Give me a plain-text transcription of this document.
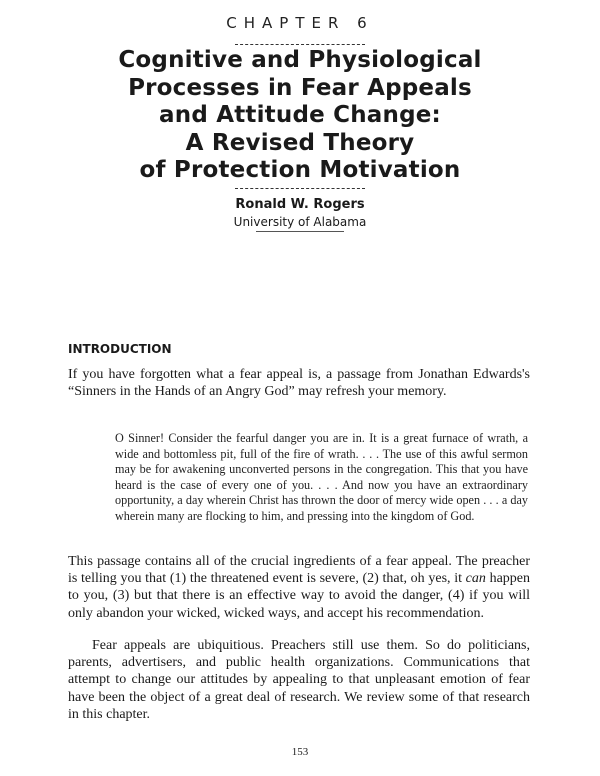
CHAPTER 6
Cognitive and Physiological
Processes in Fear Appeals
and Attitude Change:
A Revised Theory
of Protection Motivation
Ronald W. Rogers
University of Alabama
INTRODUCTION

If you have forgotten what a fear appeal is, a passage from Jonathan Edwards's “Sinners in the Hands of an Angry God” may refresh your memory.

O Sinner! Consider the fearful danger you are in. It is a great furnace of wrath, a wide and bottomless pit, full of the fire of wrath. . . . The use of this awful sermon may be for awakening unconverted persons in the congregation. This that you have heard is the case of every one of you. . . . And now you have an extraordinary opportunity, a day wherein Christ has thrown the door of mercy wide open . . . a day wherein many are flocking to him, and pressing into the kingdom of God.

This passage contains all of the crucial ingredients of a fear appeal. The preacher is telling you that (1) the threatened event is severe, (2) that, oh yes, it can happen to you, (3) but that there is an effective way to avoid the danger, (4) if you will only abandon your wicked, wicked ways, and accept his recommendation.

Fear appeals are ubiquitious. Preachers still use them. So do politicians, parents, advertisers, and public health organizations. Communications that attempt to change our attitudes by appealing to that unpleasant emotion of fear have been the object of a great deal of research. We review some of that research in this chapter.

153
